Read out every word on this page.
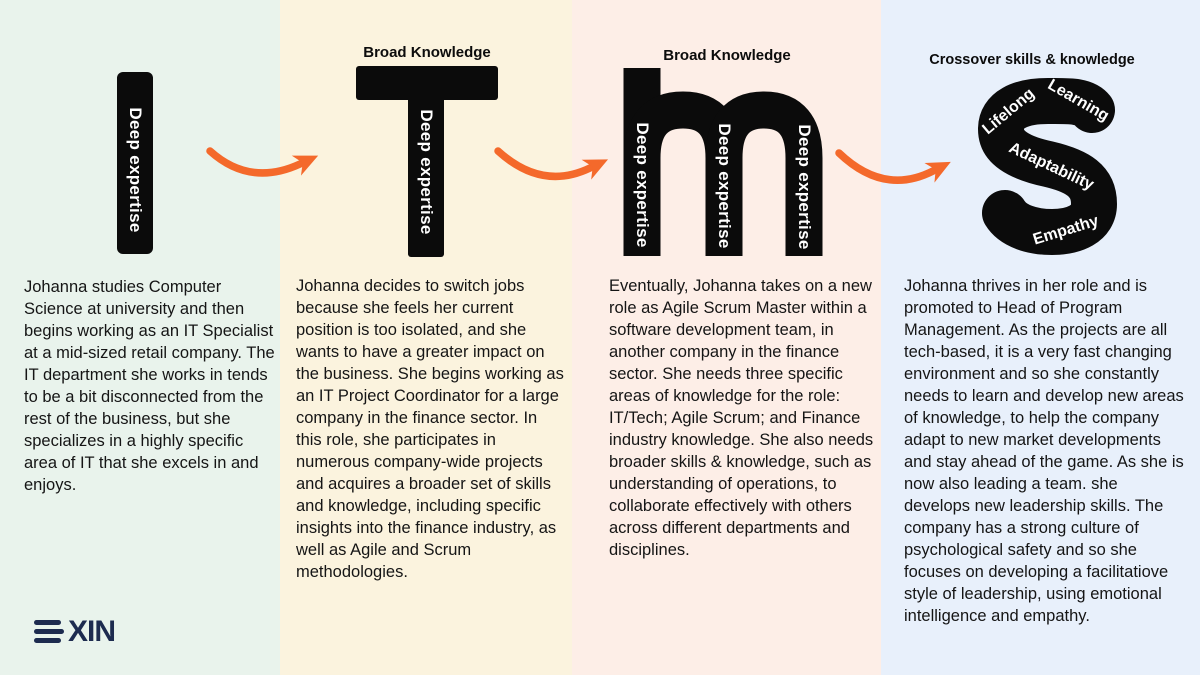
Broad Knowledge	Broad Knowledge	Crossover skills & knowledge
Deep expertise	Deep expertise	Deep expertise	Deep expertise	Deep expertise
Lifelong Learning
Adaptability
Empathy
Johanna studies Computer Science at university and then begins working as an IT Specialist at a mid-sized retail company. The IT department she works in tends to be a bit disconnected from the rest of the business, but she specializes in a highly specific area of IT that she excels in and enjoys.
Johanna decides to switch jobs because she feels her current position is too isolated, and she wants to have a greater impact on the business. She begins working as an IT Project Coordinator for a large company in the finance sector. In this role, she participates in numerous company-wide projects and acquires a broader set of skills and knowledge, including specific insights into the finance industry, as well as Agile and Scrum methodologies.
Eventually, Johanna takes on a new role as Agile Scrum Master within a software development team, in another company in the finance sector. She needs three specific areas of knowledge for the role: IT/Tech; Agile Scrum; and Finance industry knowledge. She also needs broader skills & knowledge, such as understanding of operations, to collaborate effectively with others across different departments and disciplines.
Johanna thrives in her role and is promoted to Head of Program Management. As the projects are all tech-based, it is a very fast changing environment and so she constantly needs to learn and develop new areas of knowledge, to help the company adapt to new market developments and stay ahead of the game. As she is now also leading a team. she develops new leadership skills. The company has a strong culture of psychological safety and so she focuses on developing a facilitatiove style of leadership, using emotional intelligence and empathy.
XIN
